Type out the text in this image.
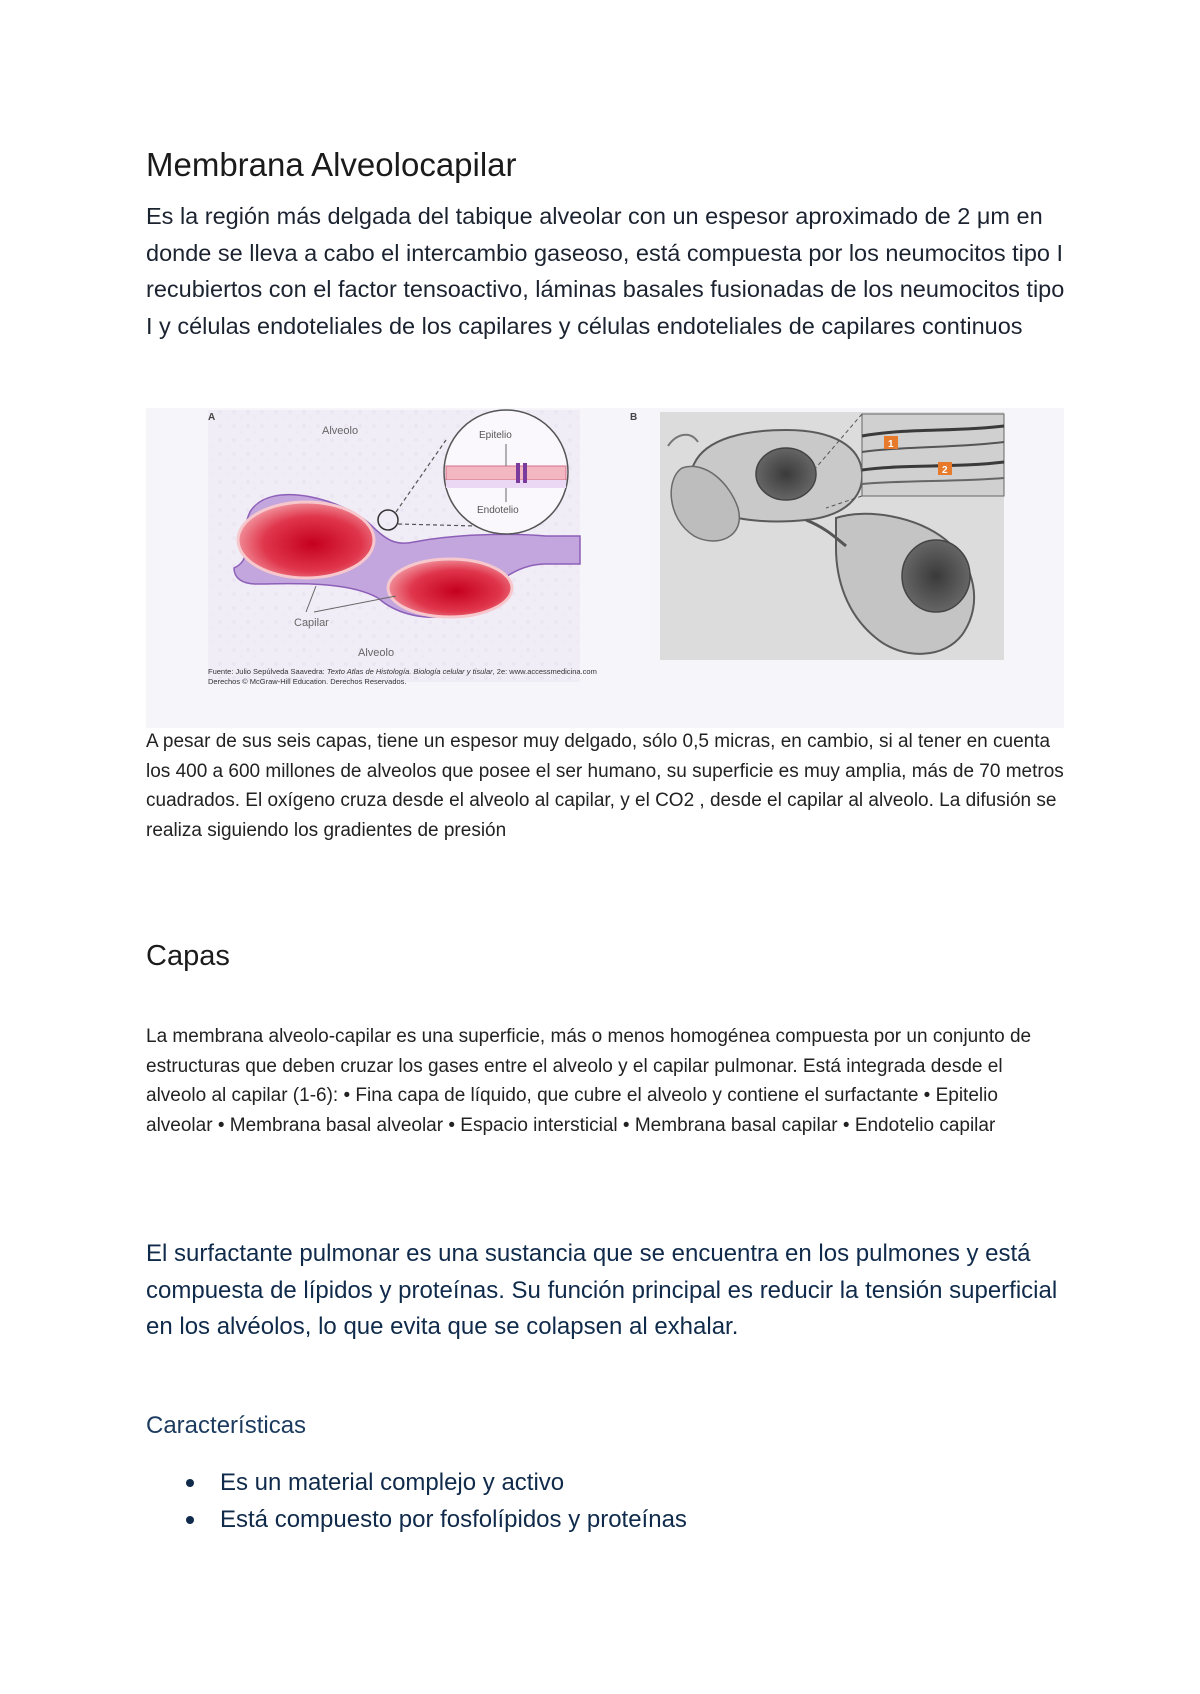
Membrana Alveolocapilar

Es la región más delgada del tabique alveolar con un espesor aproximado de 2 μm en donde se lleva a cabo el intercambio gaseoso, está compuesta por los neumocitos tipo I recubiertos con el factor tensoactivo, láminas basales fusionadas de los neumocitos tipo I y células endoteliales de los capilares y células endoteliales de capilares continuos

A
Alveolo	Epitelio
Endotelio
Capilar
Alveolo
Fuente: Julio Sepúlveda Saavedra: Texto Atlas de Histología. Biología celular y tisular, 2e: www.accessmedicina.com
Derechos © McGraw-Hill Education. Derechos Reservados.
B
1
2

A pesar de sus seis capas, tiene un espesor muy delgado, sólo 0,5 micras, en cambio, si al tener en cuenta los 400 a 600 millones de alveolos que posee el ser humano, su superficie es muy amplia, más de 70 metros cuadrados. El oxígeno cruza desde el alveolo al capilar, y el CO2 , desde el capilar al alveolo. La difusión se realiza siguiendo los gradientes de presión

Capas

La membrana alveolo-capilar es una superficie, más o menos homogénea compuesta por un conjunto de estructuras que deben cruzar los gases entre el alveolo y el capilar pulmonar. Está integrada desde el alveolo al capilar (1-6): • Fina capa de líquido, que cubre el alveolo y contiene el surfactante • Epitelio alveolar • Membrana basal alveolar • Espacio intersticial • Membrana basal capilar • Endotelio capilar

El surfactante pulmonar es una sustancia que se encuentra en los pulmones y está compuesta de lípidos y proteínas. Su función principal es reducir la tensión superficial en los alvéolos, lo que evita que se colapsen al exhalar.

Características
Es un material complejo y activo
Está compuesto por fosfolípidos y proteínas
